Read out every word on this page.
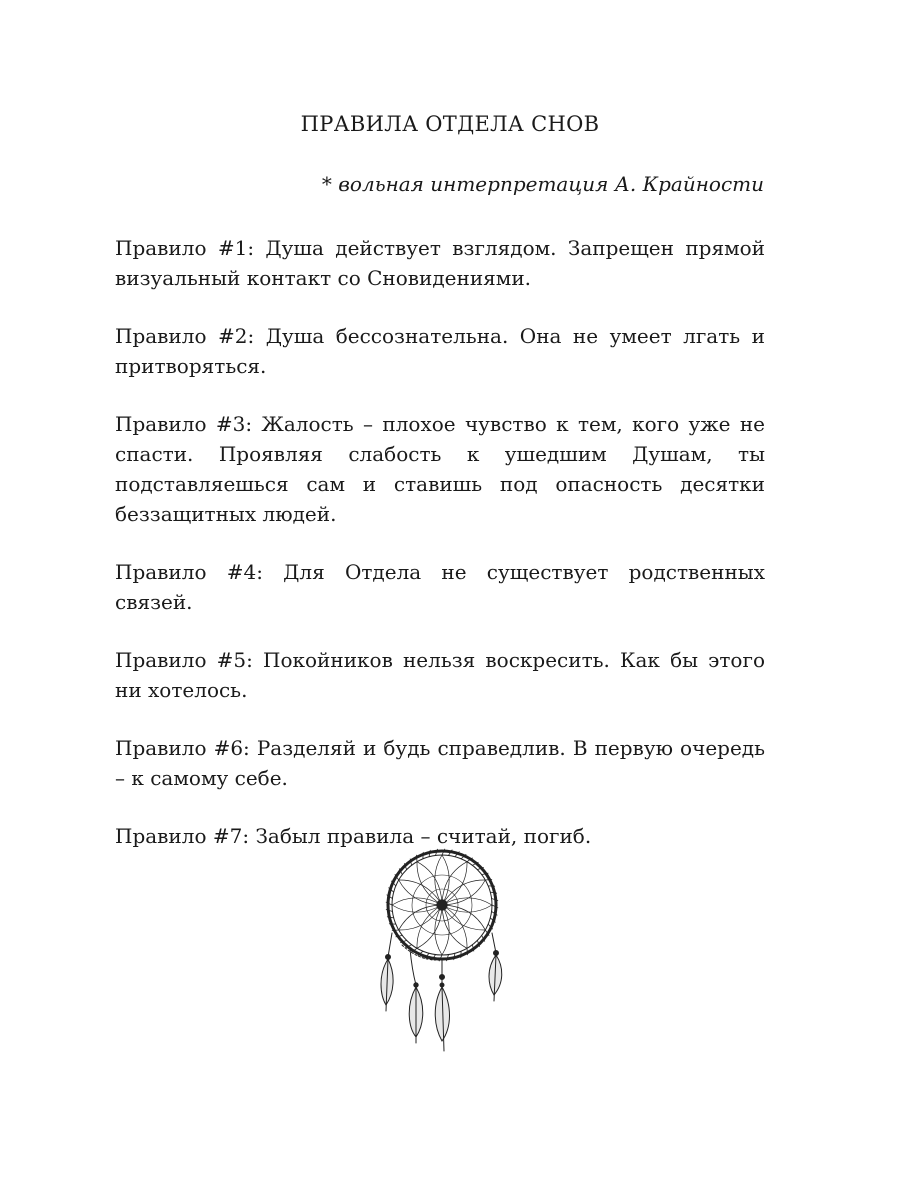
ПРАВИЛА ОТДЕЛА СНОВ

* вольная интерпретация А. Крайности

Правило #1: Душа действует взглядом. Запрещен прямой визуальный контакт со Сновидениями.

Правило #2: Душа бессознательна. Она не умеет лгать и притворяться.

Правило #3: Жалость – плохое чувство к тем, кого уже не спасти. Проявляя слабость к ушедшим Душам, ты подставляешься сам и ставишь под опасность десятки беззащитных людей.

Правило #4: Для Отдела не существует родственных связей.

Правило #5: Покойников нельзя воскресить. Как бы этого ни хотелось.

Правило #6: Разделяй и будь справедлив. В первую очередь – к самому себе.

Правило #7: Забыл правила – считай, погиб.
